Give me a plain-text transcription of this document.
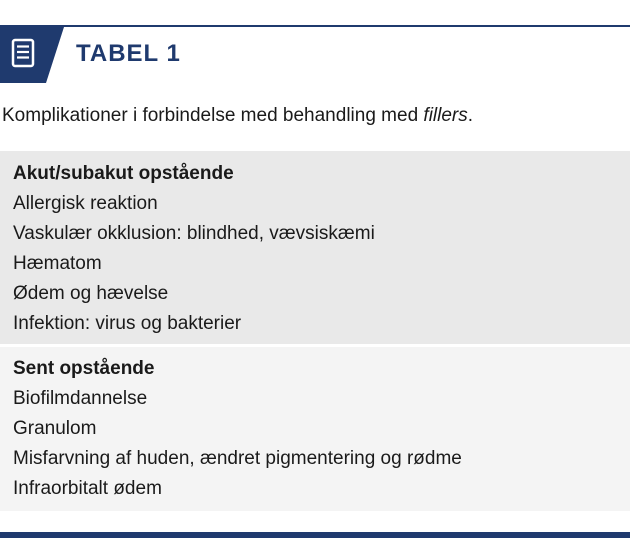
TABEL 1
Komplikationer i forbindelse med behandling med fillers.
Akut/subakut opstående
Allergisk reaktion
Vaskulær okklusion: blindhed, vævsiskæmi
Hæmatom
Ødem og hævelse
Infektion: virus og bakterier
Sent opstående
Biofilmdannelse
Granulom
Misfarvning af huden, ændret pigmentering og rødme
Infraorbitalt ødem
